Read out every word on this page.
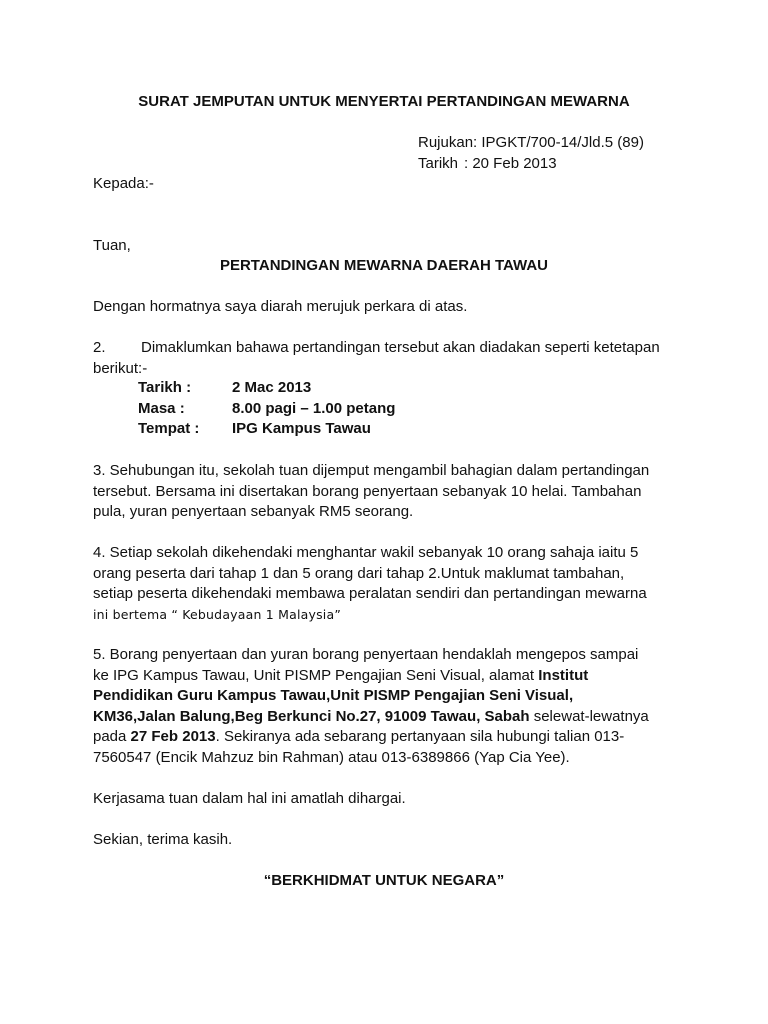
SURAT JEMPUTAN UNTUK MENYERTAI PERTANDINGAN MEWARNA
Rujukan: IPGKT/700-14/Jld.5 (89)
Tarikh : 20 Feb 2013
Kepada:-
Tuan,
PERTANDINGAN MEWARNA DAERAH TAWAU
Dengan hormatnya saya diarah merujuk perkara di atas.
2. Dimaklumkan bahawa pertandingan tersebut akan diadakan seperti ketetapan
berikut:-
Tarikh :	2 Mac 2013
Masa :	8.00 pagi – 1.00 petang
Tempat :	IPG Kampus Tawau
3. Sehubungan itu, sekolah tuan dijemput mengambil bahagian dalam pertandingan
tersebut. Bersama ini disertakan borang penyertaan sebanyak 10 helai. Tambahan
pula, yuran penyertaan sebanyak RM5 seorang.
4. Setiap sekolah dikehendaki menghantar wakil sebanyak 10 orang sahaja iaitu 5
orang peserta dari tahap 1 dan 5 orang dari tahap 2.Untuk maklumat tambahan,
setiap peserta dikehendaki membawa peralatan sendiri dan pertandingan mewarna
ini bertema “ Kebudayaan 1 Malaysia”
5. Borang penyertaan dan yuran borang penyertaan hendaklah mengepos sampai
ke IPG Kampus Tawau, Unit PISMP Pengajian Seni Visual, alamat Institut
Pendidikan Guru Kampus Tawau,Unit PISMP Pengajian Seni Visual,
KM36,Jalan Balung,Beg Berkunci No.27, 91009 Tawau, Sabah selewat-lewatnya
pada 27 Feb 2013. Sekiranya ada sebarang pertanyaan sila hubungi talian 013-
7560547 (Encik Mahzuz bin Rahman) atau 013-6389866 (Yap Cia Yee).
Kerjasama tuan dalam hal ini amatlah dihargai.
Sekian, terima kasih.
“BERKHIDMAT UNTUK NEGARA”
